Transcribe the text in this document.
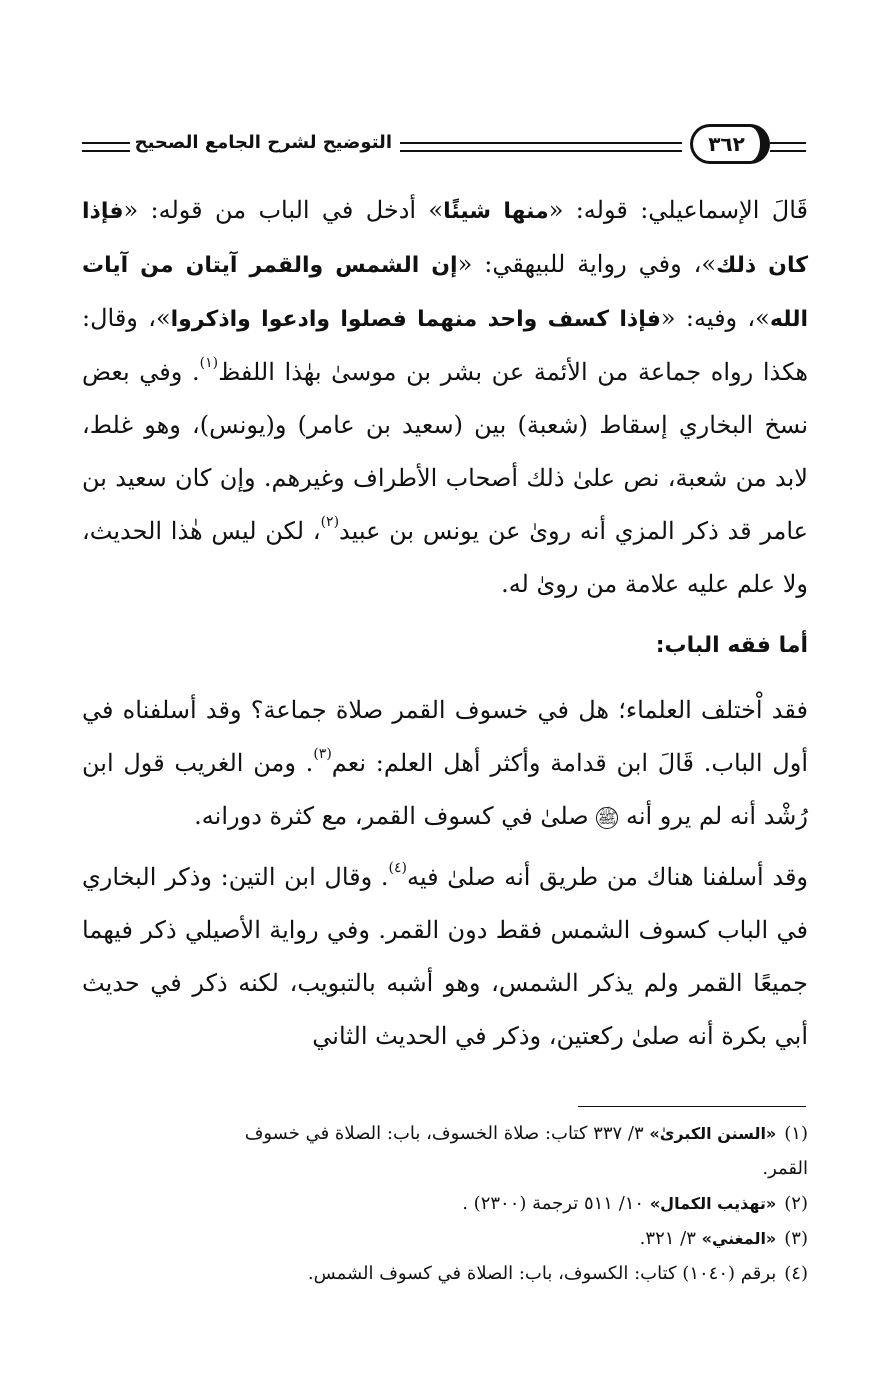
التوضيح لشرح الجامع الصحيح	٣٦٢

قَالَ الإسماعيلي: قوله: «منها شيئًا» أدخل في الباب من قوله: «فإذا كان ذلك»، وفي رواية للبيهقي: «إن الشمس والقمر آيتان من آيات الله»، وفيه: «فإذا كسف واحد منهما فصلوا وادعوا واذكروا»، وقال: هكذا رواه جماعة من الأئمة عن بشر بن موسىٰ بهٰذا اللفظ$^{(١)}$. وفي بعض نسخ البخاري إسقاط (شعبة) بين (سعيد بن عامر) و(يونس)، وهو غلط، لابد من شعبة، نص علىٰ ذلك أصحاب الأطراف وغيرهم. وإن كان سعيد بن عامر قد ذكر المزي أنه روىٰ عن يونس بن عبيد$^{(٢)}$، لكن ليس هٰذا الحديث، ولا علم عليه علامة من روىٰ له.

أما فقه الباب:

فقد اْختلف العلماء؛ هل في خسوف القمر صلاة جماعة؟ وقد أسلفناه في أول الباب. قَالَ ابن قدامة وأكثر أهل العلم: نعم$^{(٣)}$. ومن الغريب قول ابن رُشْد أنه لم يرو أنه ﷺ صلىٰ في كسوف القمر، مع كثرة دورانه.

وقد أسلفنا هناك من طريق أنه صلىٰ فيه$^{(٤)}$. وقال ابن التين: وذكر البخاري في الباب كسوف الشمس فقط دون القمر. وفي رواية الأصيلي ذكر فيهما جميعًا القمر ولم يذكر الشمس، وهو أشبه بالتبويب، لكنه ذكر في حديث أبي بكرة أنه صلىٰ ركعتين، وذكر في الحديث الثاني

(١)«السنن الكبرىٰ» ٣/ ٣٣٧ كتاب: صلاة الخسوف، باب: الصلاة في خسوف

القمر.

(٢)«تهذيب الكمال» ١٠/ ٥١١ ترجمة (٢٣٠٠) .

(٣)«المغني» ٣/ ٣٢١.

(٤)برقم (١٠٤٠) كتاب: الكسوف، باب: الصلاة في كسوف الشمس.
